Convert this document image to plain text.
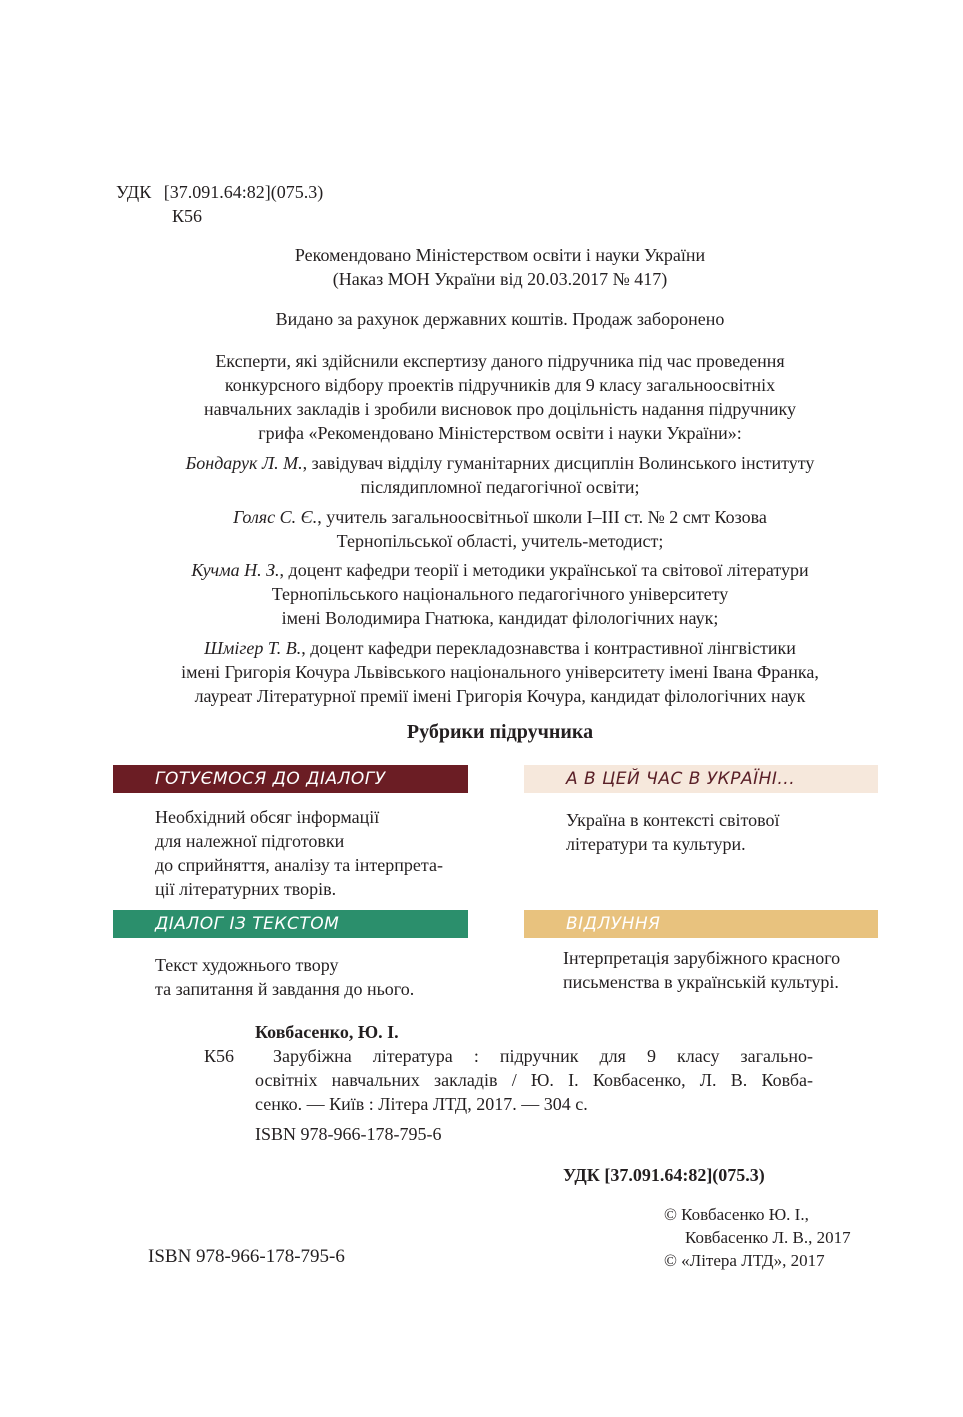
УДК [37.091.64:82](075.3)
К56
Рекомендовано Міністерством освіти і науки України
(Наказ МОН України від 20.03.2017 № 417)
Видано за рахунок державних коштів. Продаж заборонено
Експерти, які здійснили експертизу даного підручника під час проведення
конкурсного відбору проектів підручників для 9 класу загальноосвітніх
навчальних закладів і зробили висновок про доцільність надання підручнику
грифа «Рекомендовано Міністерством освіти і науки України»:
Бондарук Л. М., завідувач відділу гуманітарних дисциплін Волинського інституту
післядипломної педагогічної освіти;
Голяс С. Є., учитель загальноосвітньої школи І–ІІІ ст. № 2 смт Козова
Тернопільської області, учитель-методист;
Кучма Н. З., доцент кафедри теорії і методики української та світової літератури
Тернопільського національного педагогічного університету
імені Володимира Гнатюка, кандидат філологічних наук;
Шмігер Т. В., доцент кафедри перекладознавства і контрастивної лінгвістики
імені Григорія Кочура Львівського національного університету імені Івана Франка,
лауреат Літературної премії імені Григорія Кочура, кандидат філологічних наук
Рубрики підручника
ГОТУЄМОСЯ ДО ДІАЛОГУ
Необхідний обсяг інформації
для належної підготовки
до сприйняття, аналізу та інтерпрета-
ції літературних творів.
А В ЦЕЙ ЧАС В УКРАЇНІ...
Україна в контексті світової
літератури та культури.
ДІАЛОГ ІЗ ТЕКСТОМ
Текст художнього твору
та запитання й завдання до нього.
ВІДЛУННЯ
Інтерпретація зарубіжного красного
письменства в українській культурі.
Ковбасенко, Ю. І.
К56	Зарубіжна література : підручник для 9 класу загально-
освітніх навчальних закладів / Ю. І. Ковбасенко, Л. В. Ковба-
сенко. — Київ : Літера ЛТД, 2017. — 304 с.
ISBN 978-966-178-795-6
УДК [37.091.64:82](075.3)
ISBN 978-966-178-795-6
© Ковбасенко Ю. І.,
Ковбасенко Л. В., 2017
© «Літера ЛТД», 2017
